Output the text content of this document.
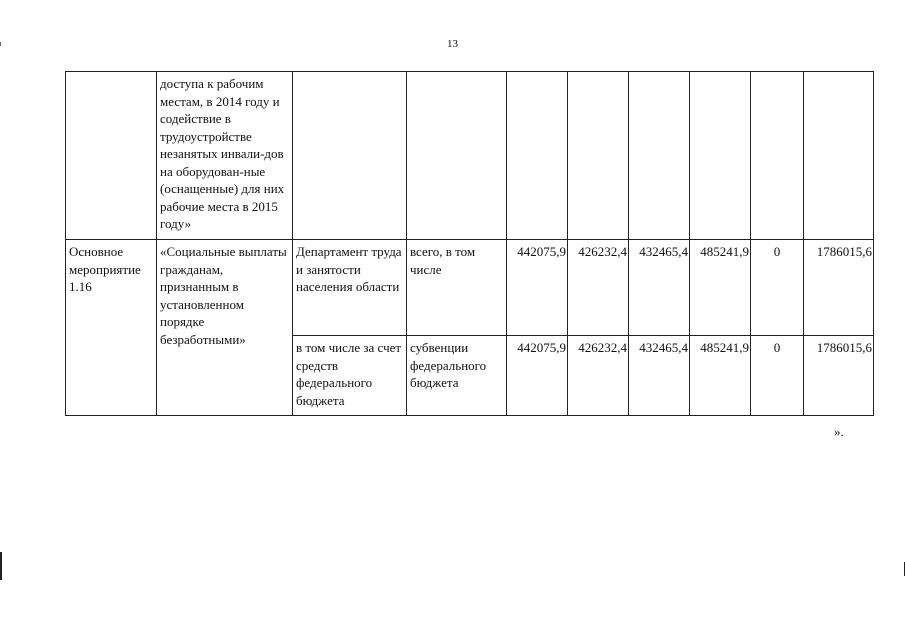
13
	доступа к рабочим местам, в 2014 году и содействие в трудоустройстве незанятых инвали-дов на оборудован-ные (оснащенные) для них рабочие места в 2015 году»								
Основное мероприятие 1.16	«Социальные выплаты гражданам, признанным в установленном порядке безработными»	Департамент труда и занятости населения области	всего, в том числе	442075,9	426232,4	432465,4	485241,9	0	1786015,6
		в том числе за счет средств федерального бюджета	субвенции федерального бюджета	442075,9	426232,4	432465,4	485241,9	0	1786015,6
».
